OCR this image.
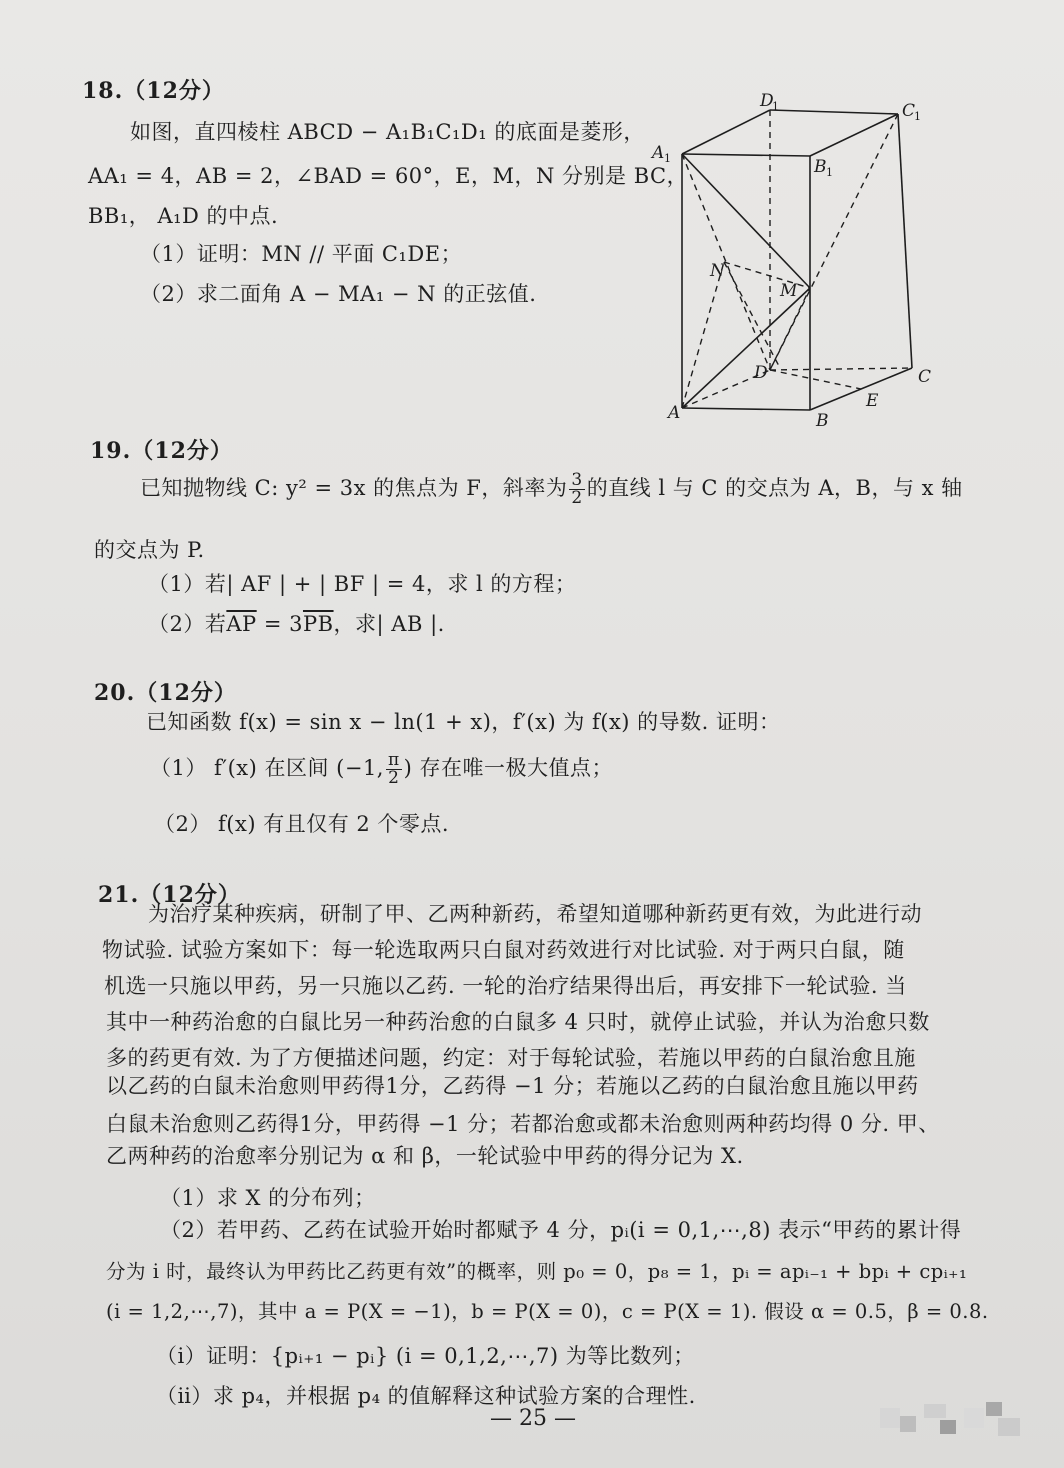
18.（12分）
如图，直四棱柱 ABCD − A₁B₁C₁D₁ 的底面是菱形，
AA₁ = 4，AB = 2，∠BAD = 60°，E，M，N 分别是 BC，
BB₁， A₁D 的中点.
（1）证明：MN // 平面 C₁DE；
（2）求二面角 A − MA₁ − N 的正弦值.
D
1	C
1
A 1	B 1
N
M
D	C
E
A	B
19.（12分）
已知抛物线 C: y² = 3x 的焦点为 F，斜率为 $\frac{3}{2}$ 的直线 l 与 C 的交点为 A，B，与 x 轴
的交点为 P.
（1）若| AF | + | BF | = 4，求 l 的方程；
（2）若$\overline{AP} = 3\overline{PB}$，求| AB |.
20.（12分）
已知函数 f(x) = sin x − ln(1 + x)，f′(x) 为 f(x) 的导数. 证明：
（1） f′(x) 在区间 (−1, $\frac{\pi}{2}$ ) 存在唯一极大值点；
（2） f(x) 有且仅有 2 个零点.
21.（12分）
为治疗某种疾病，研制了甲、乙两种新药，希望知道哪种新药更有效，为此进行动
物试验. 试验方案如下：每一轮选取两只白鼠对药效进行对比试验. 对于两只白鼠，随
机选一只施以甲药，另一只施以乙药. 一轮的治疗结果得出后，再安排下一轮试验. 当
其中一种药治愈的白鼠比另一种药治愈的白鼠多 4 只时，就停止试验，并认为治愈只数
多的药更有效. 为了方便描述问题，约定：对于每轮试验，若施以甲药的白鼠治愈且施
以乙药的白鼠未治愈则甲药得1分，乙药得 −1 分；若施以乙药的白鼠治愈且施以甲药
白鼠未治愈则乙药得1分，甲药得 −1 分；若都治愈或都未治愈则两种药均得 0 分. 甲、
乙两种药的治愈率分别记为 α 和 β，一轮试验中甲药的得分记为 X.
（1）求 X 的分布列；
（2）若甲药、乙药在试验开始时都赋予 4 分，pᵢ(i = 0,1,⋯,8) 表示“甲药的累计得
分为 i 时，最终认为甲药比乙药更有效”的概率，则 p₀ = 0，p₈ = 1，pᵢ = apᵢ₋₁ + bpᵢ + cpᵢ₊₁
(i = 1,2,⋯,7)，其中 a = P(X = −1)，b = P(X = 0)，c = P(X = 1). 假设 α = 0.5，β = 0.8.
（ⅰ）证明：{pᵢ₊₁ − pᵢ} (i = 0,1,2,⋯,7) 为等比数列；
（ⅱ）求 p₄，并根据 p₄ 的值解释这种试验方案的合理性.
— 25 —
